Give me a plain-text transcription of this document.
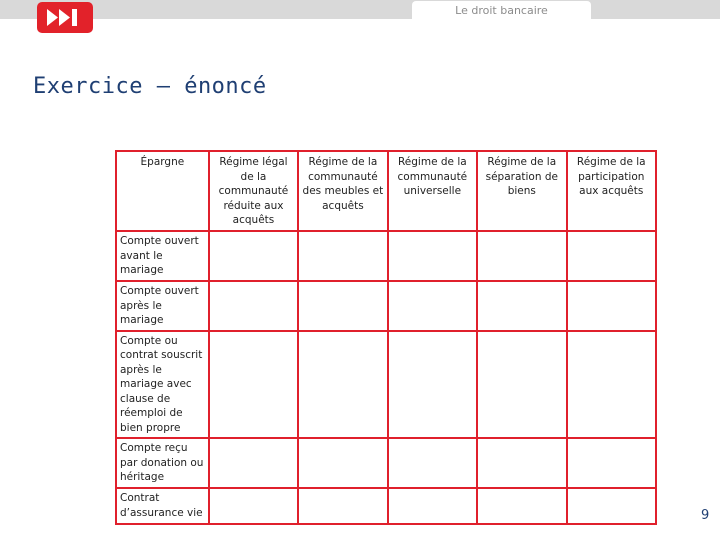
Le droit bancaire
Exercice – énoncé
Épargne	Régime légal de la communauté réduite aux acquêts	Régime de la communauté des meubles et acquêts	Régime de la communauté universelle	Régime de la séparation de biens	Régime de la participation aux acquêts
Compte ouvert avant le mariage					
Compte ouvert après le mariage					
Compte ou contrat souscrit après le mariage avec clause de réemploi de bien propre					
Compte reçu par donation ou héritage					
Contrat d’assurance vie						9
